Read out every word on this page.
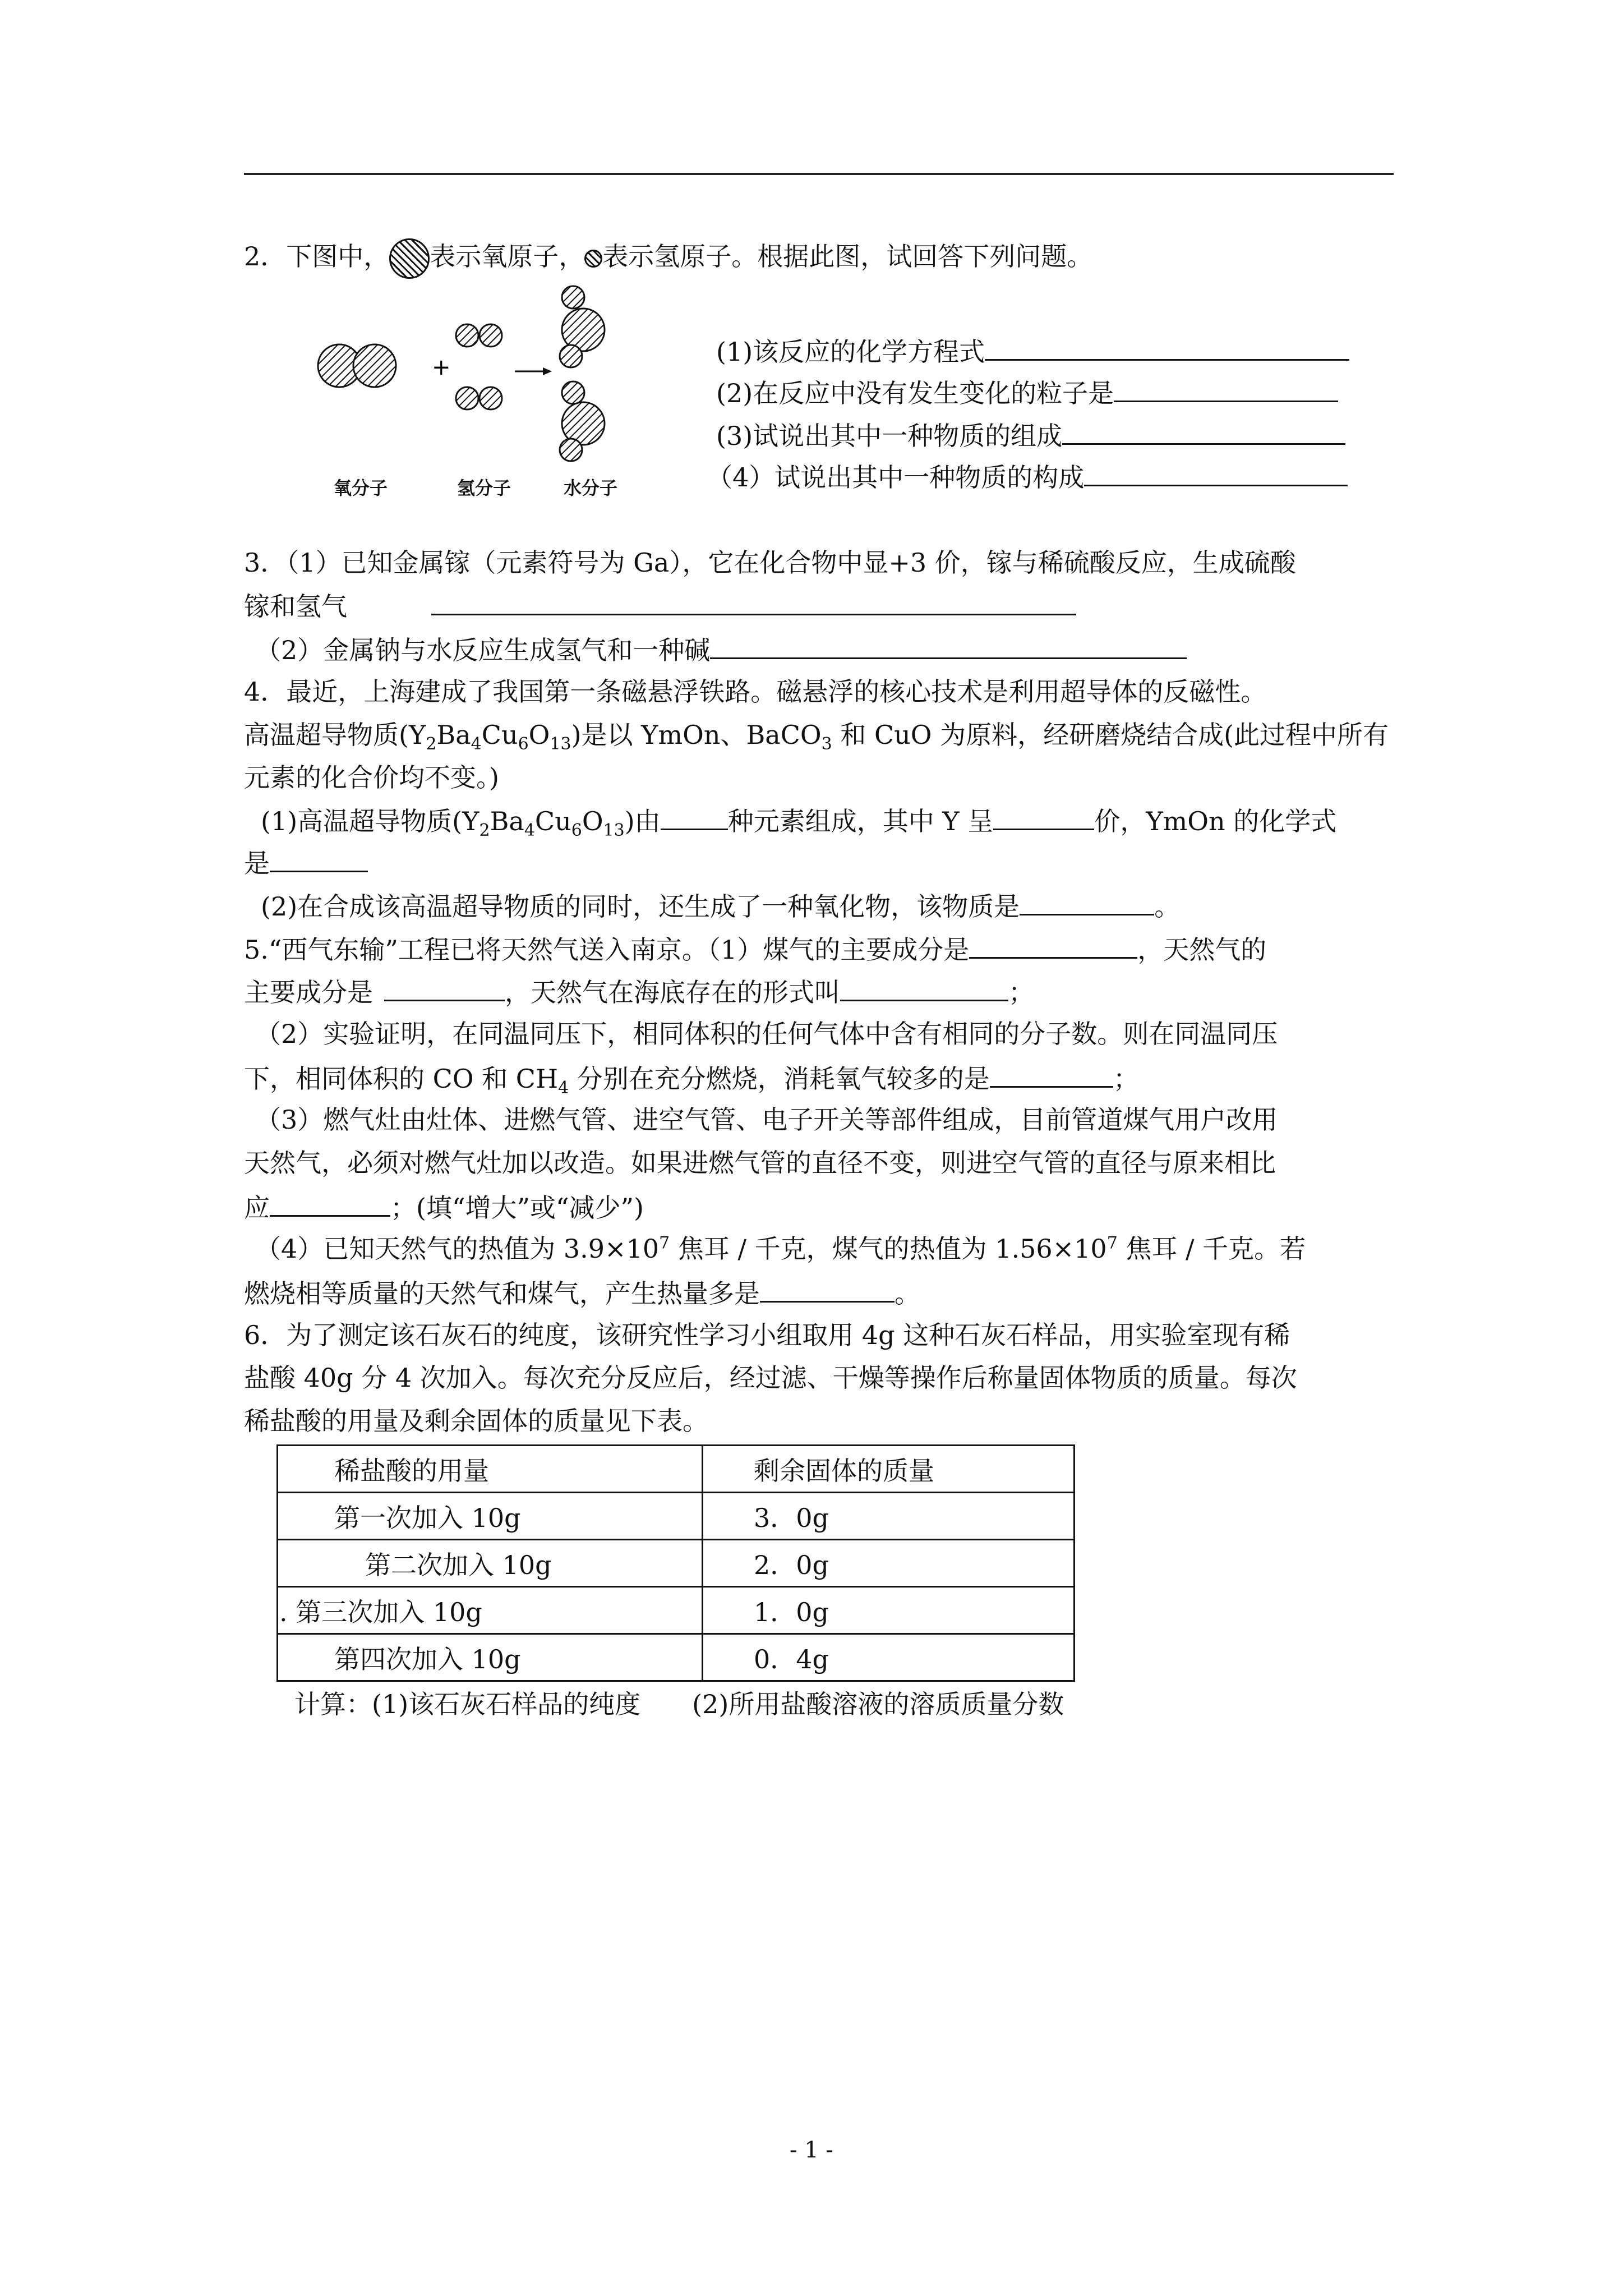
2．下图中， 表示氧原子， 表示氢原子。根据此图，试回答下列问题。
+
氧分子	氢分子	水分子
(1)该反应的化学方程式
(2)在反应中没有发生变化的粒子是
(3)试说出其中一种物质的组成
（4）试说出其中一种物质的构成
3．（1）已知金属镓（元素符号为 Ga），它在化合物中显+3 价，镓与稀硫酸反应，生成硫酸
镓和氢气
（2）金属钠与水反应生成氢气和一种碱
4．最近，上海建成了我国第一条磁悬浮铁路。磁悬浮的核心技术是利用超导体的反磁性。
高温超导物质$(Y_2Ba_4Cu_6O_{13})$是以 YmOn、BaCO$_3$ 和 CuO 为原料，经研磨烧结合成(此过程中所有
元素的化合价均不变。)
(1)高温超导物质$(Y_2Ba_4Cu_6O_{13})$由	种元素组成，其中 Y 呈	价，YmOn 的化学式
是
(2)在合成该高温超导物质的同时，还生成了一种氧化物，该物质是	。
5.“西气东输”工程已将天然气送入南京。（1）煤气的主要成分是	，天然气的
主要成分是	，天然气在海底存在的形式叫	；
（2）实验证明，在同温同压下，相同体积的任何气体中含有相同的分子数。则在同温同压
下，相同体积的 CO 和 $CH_4$ 分别在充分燃烧，消耗氧气较多的是	；
（3）燃气灶由灶体、进燃气管、进空气管、电子开关等部件组成，目前管道煤气用户改用
天然气，必须对燃气灶加以改造。如果进燃气管的直径不变，则进空气管的直径与原来相比
应	；(填“增大”或“减少”)
（4）已知天然气的热值为 $3.9\times 10^7$ 焦耳 / 千克，煤气的热值为 $1.56\times 10^7$ 焦耳 / 千克。若
燃烧相等质量的天然气和煤气，产生热量多是	。
6．为了测定该石灰石的纯度，该研究性学习小组取用 4g 这种石灰石样品，用实验室现有稀
盐酸 40g 分 4 次加入。每次充分反应后，经过滤、干燥等操作后称量固体物质的质量。每次
稀盐酸的用量及剩余固体的质量见下表。
稀盐酸的用量	剩余固体的质量
第一次加入 10g	3．0g
第二次加入 10g	2．0g
. 第三次加入 10g	1．0g
第四次加入 10g	0．4g
计算：(1)该石灰石样品的纯度　　(2)所用盐酸溶液的溶质质量分数
- 1 -
